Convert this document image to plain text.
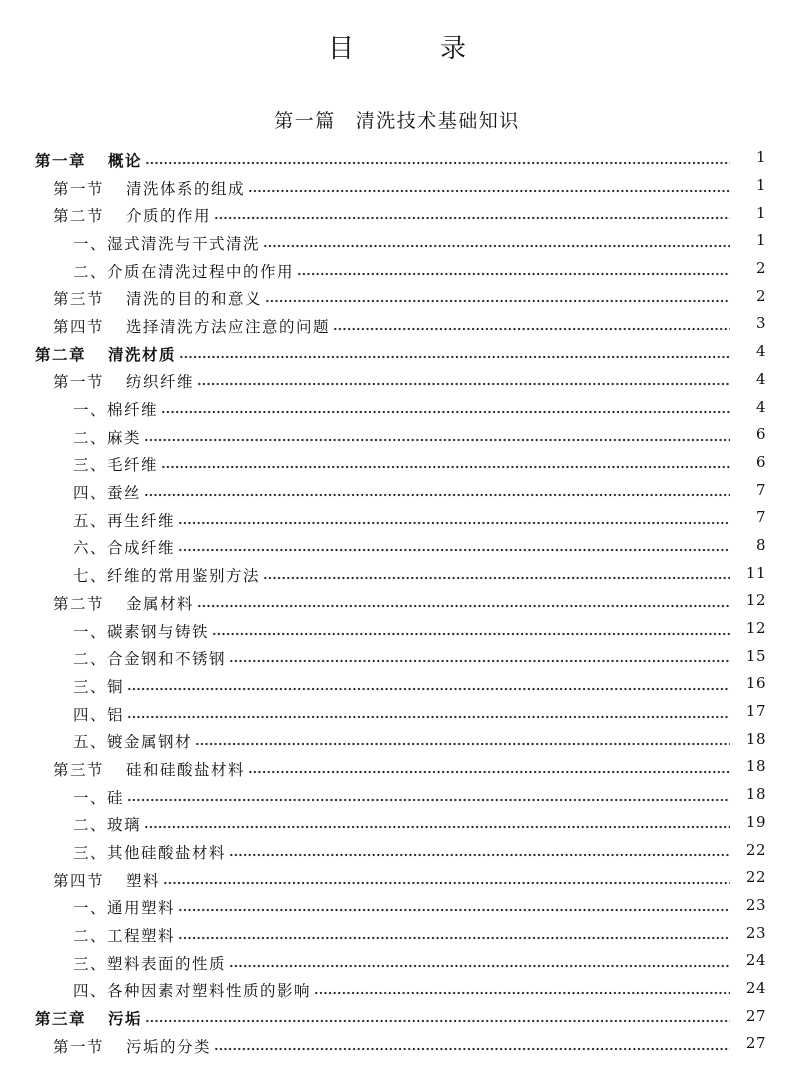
目录
第一篇 清洗技术基础知识
第一章 概论	1
第一节 清洗体系的组成	1
第二节 介质的作用	1
一、 湿式清洗与干式清洗	1
二、 介质在清洗过程中的作用	2
第三节 清洗的目的和意义	2
第四节 选择清洗方法应注意的问题	3
第二章 清洗材质	4
第一节 纺织纤维	4
一、 棉纤维	4
二、 麻类	6
三、 毛纤维	6
四、 蚕丝	7
五、 再生纤维	7
六、 合成纤维	8
七、 纤维的常用鉴别方法	11
第二节 金属材料	12
一、 碳素钢与铸铁	12
二、 合金钢和不锈钢	15
三、 铜	16
四、 铝	17
五、 镀金属钢材	18
第三节 硅和硅酸盐材料	18
一、 硅	18
二、 玻璃	19
三、 其他硅酸盐材料	22
第四节 塑料	22
一、 通用塑料	23
二、 工程塑料	23
三、 塑料表面的性质	24
四、 各种因素对塑料性质的影响	24
第三章 污垢	27
第一节 污垢的分类	27
